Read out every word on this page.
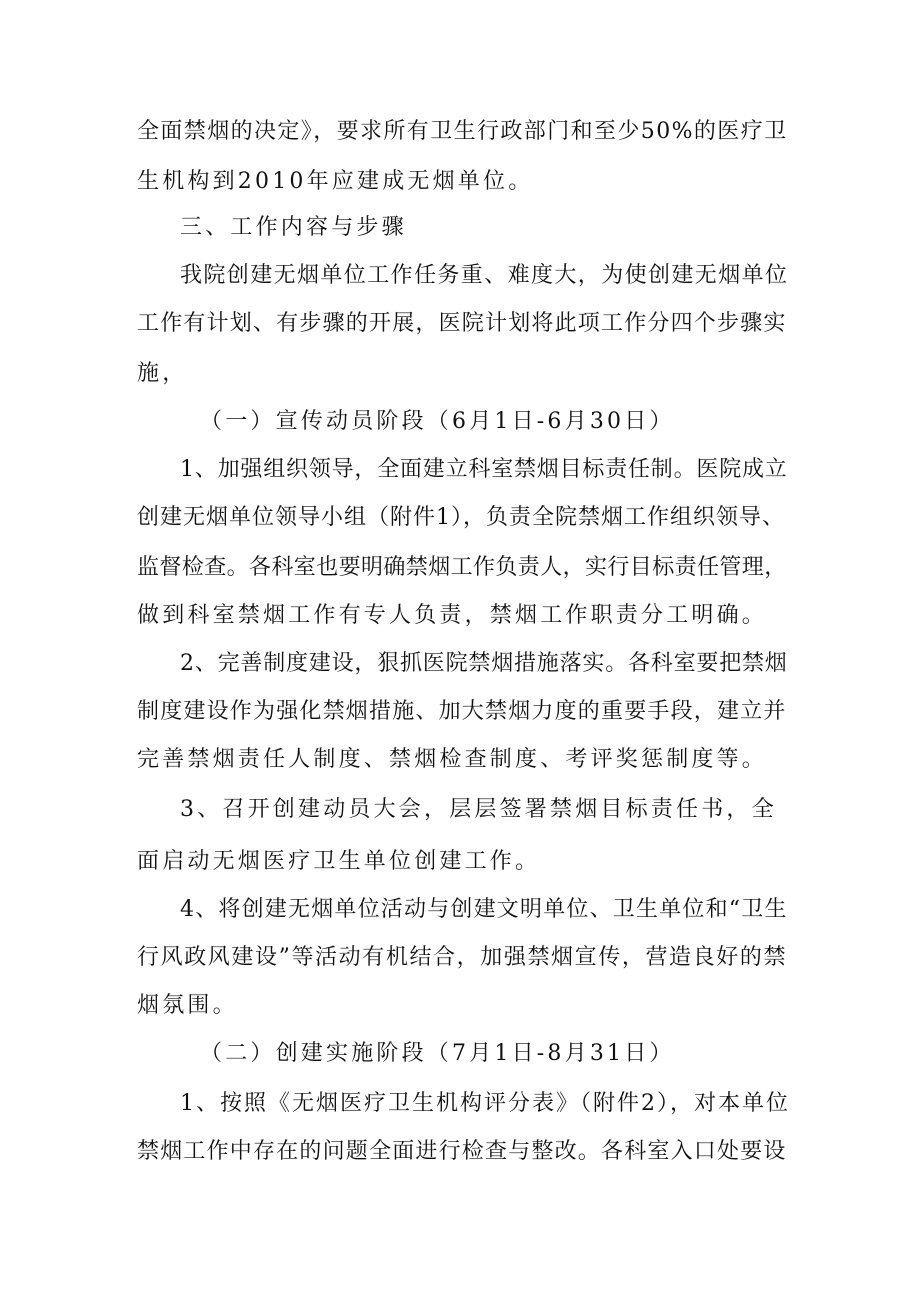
全面禁烟的决定》，要求所有卫生行政部门和至少50%的医疗卫
生机构到2010年应建成无烟单位。
三、工作内容与步骤
我院创建无烟单位工作任务重、难度大，为使创建无烟单位
工作有计划、有步骤的开展，医院计划将此项工作分四个步骤实
施，
（一）宣传动员阶段（6月1日-6月30日）
1、加强组织领导，全面建立科室禁烟目标责任制。医院成立
创建无烟单位领导小组（附件1），负责全院禁烟工作组织领导、
监督检查。各科室也要明确禁烟工作负责人，实行目标责任管理，
做到科室禁烟工作有专人负责，禁烟工作职责分工明确。
2、完善制度建设，狠抓医院禁烟措施落实。各科室要把禁烟
制度建设作为强化禁烟措施、加大禁烟力度的重要手段，建立并
完善禁烟责任人制度、禁烟检查制度、考评奖惩制度等。
3、召开创建动员大会，层层签署禁烟目标责任书，全
面启动无烟医疗卫生单位创建工作。
4、将创建无烟单位活动与创建文明单位、卫生单位和“卫生
行风政风建设”等活动有机结合，加强禁烟宣传，营造良好的禁
烟氛围。
（二）创建实施阶段（7月1日-8月31日）
1、按照《无烟医疗卫生机构评分表》（附件2），对本单位
禁烟工作中存在的问题全面进行检查与整改。各科室入口处要设
